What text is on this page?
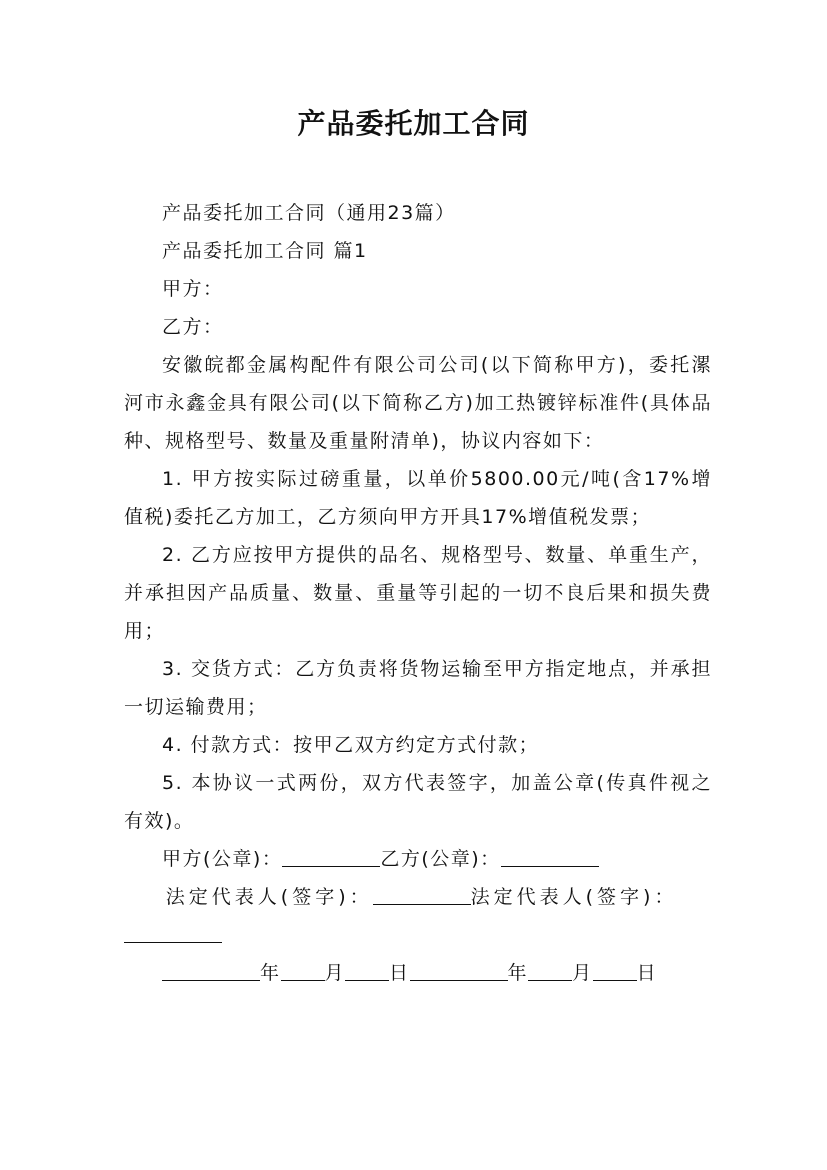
产品委托加工合同

产品委托加工合同（通用23篇）

产品委托加工合同 篇1

甲方：

乙方：

安徽皖都金属构配件有限公司公司(以下简称甲方)，委托漯河市永鑫金具有限公司(以下简称乙方)加工热镀锌标准件(具体品种、规格型号、数量及重量附清单)，协议内容如下：

1. 甲方按实际过磅重量，以单价5800.00元/吨(含17%增值税)委托乙方加工，乙方须向甲方开具17%增值税发票；

2. 乙方应按甲方提供的品名、规格型号、数量、单重生产，并承担因产品质量、数量、重量等引起的一切不良后果和损失费用；

3. 交货方式：乙方负责将货物运输至甲方指定地点，并承担一切运输费用；

4. 付款方式：按甲乙双方约定方式付款；

5. 本协议一式两份，双方代表签字，加盖公章(传真件视之有效)。

甲方(公章)：	乙方(公章)：

法定代表人(签字)：	法定代表人(签字)：

年 月 日	年 月 日
